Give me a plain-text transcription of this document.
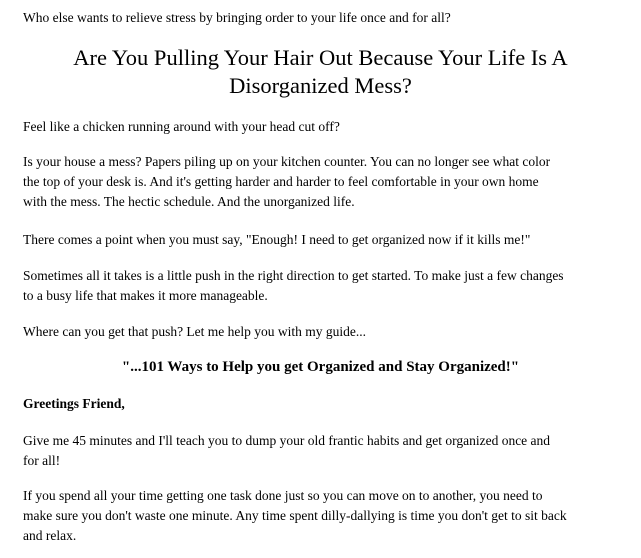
Who else wants to relieve stress by bringing order to your life once and for all?
Are You Pulling Your Hair Out Because Your Life Is A
Disorganized Mess?
Feel like a chicken running around with your head cut off?
Is your house a mess? Papers piling up on your kitchen counter. You can no longer see what color
the top of your desk is. And it's getting harder and harder to feel comfortable in your own home
with the mess. The hectic schedule. And the unorganized life.
There comes a point when you must say, "Enough! I need to get organized now if it kills me!"
Sometimes all it takes is a little push in the right direction to get started. To make just a few changes
to a busy life that makes it more manageable.
Where can you get that push? Let me help you with my guide...
"...101 Ways to Help you get Organized and Stay Organized!"
Greetings Friend,
Give me 45 minutes and I'll teach you to dump your old frantic habits and get organized once and
for all!
If you spend all your time getting one task done just so you can move on to another, you need to
make sure you don't waste one minute. Any time spent dilly-dallying is time you don't get to sit back
and relax.
